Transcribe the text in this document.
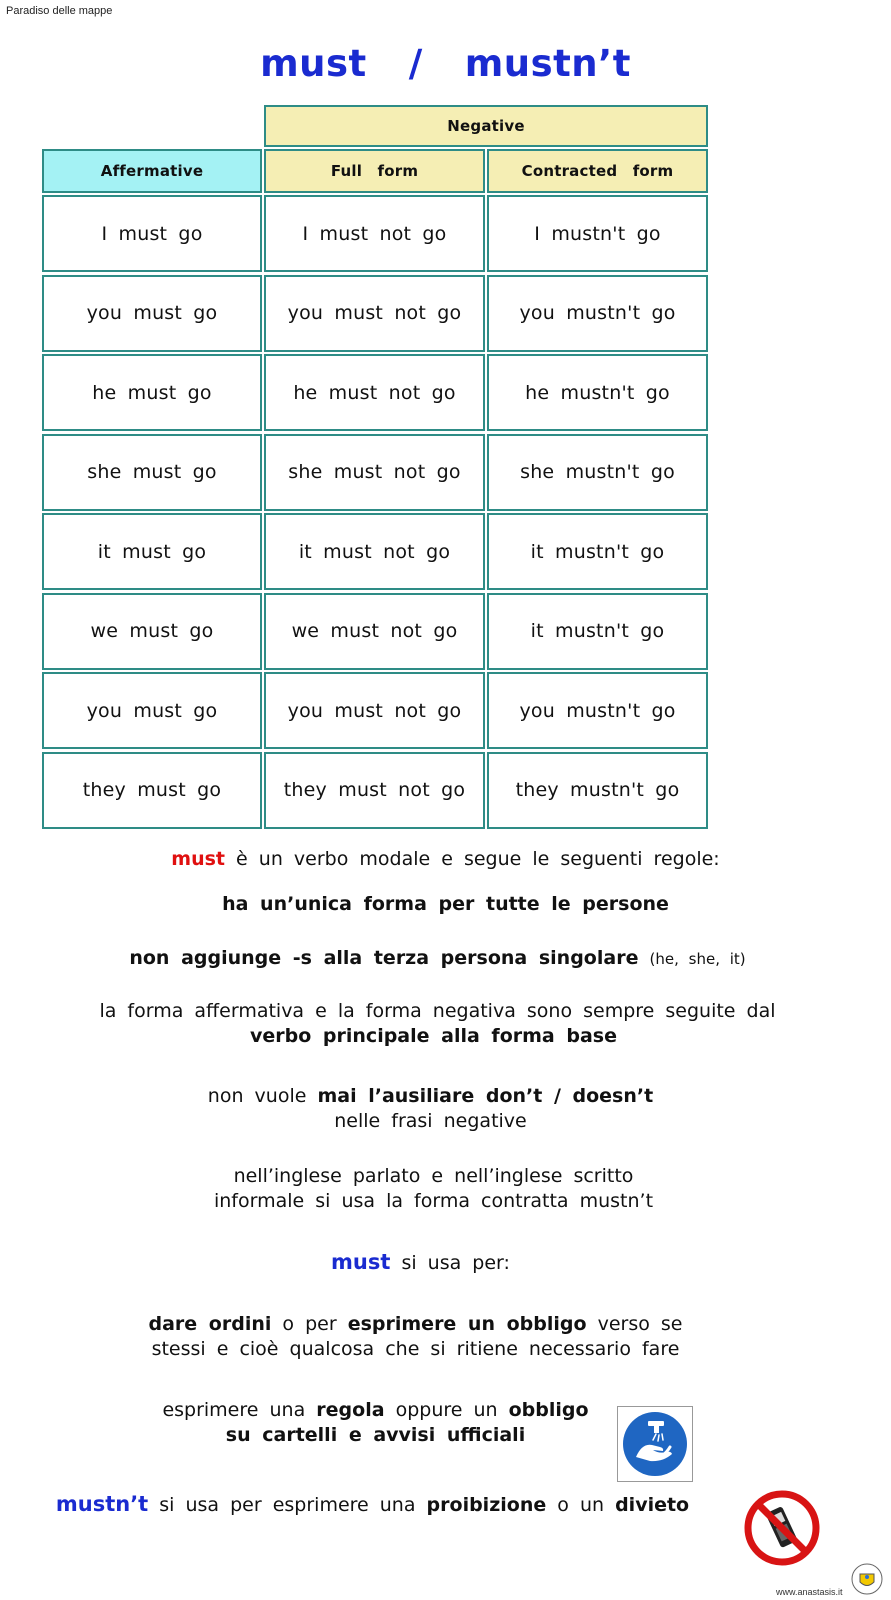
Paradiso delle mappe
must / mustn’t
Negative
Affermative	Full form	Contracted form
I must go	I must not go	I mustn't go
you must go	you must not go	you mustn't go
he must go	he must not go	he mustn't go
she must go	she must not go	she mustn't go
it must go	it must not go	it mustn't go
we must go	we must not go	it mustn't go
you must go	you must not go	you mustn't go
they must go	they must not go	they mustn't go
must è un verbo modale e segue le seguenti regole:
ha un’unica forma per tutte le persone
non aggiunge -s alla terza persona singolare (he, she, it)
la forma affermativa e la forma negativa sono sempre seguite dal
verbo principale alla forma base
non vuole mai l’ausiliare don’t / doesn’t
nelle frasi negative
nell’inglese parlato e nell’inglese scritto
informale si usa la forma contratta mustn’t
must si usa per:
dare ordini o per esprimere un obbligo verso se
stessi e cioè qualcosa che si ritiene necessario fare
esprimere una regola oppure un obbligo
su cartelli e avvisi ufficiali
mustn’t si usa per esprimere una proibizione o un divieto
www.anastasis.it
